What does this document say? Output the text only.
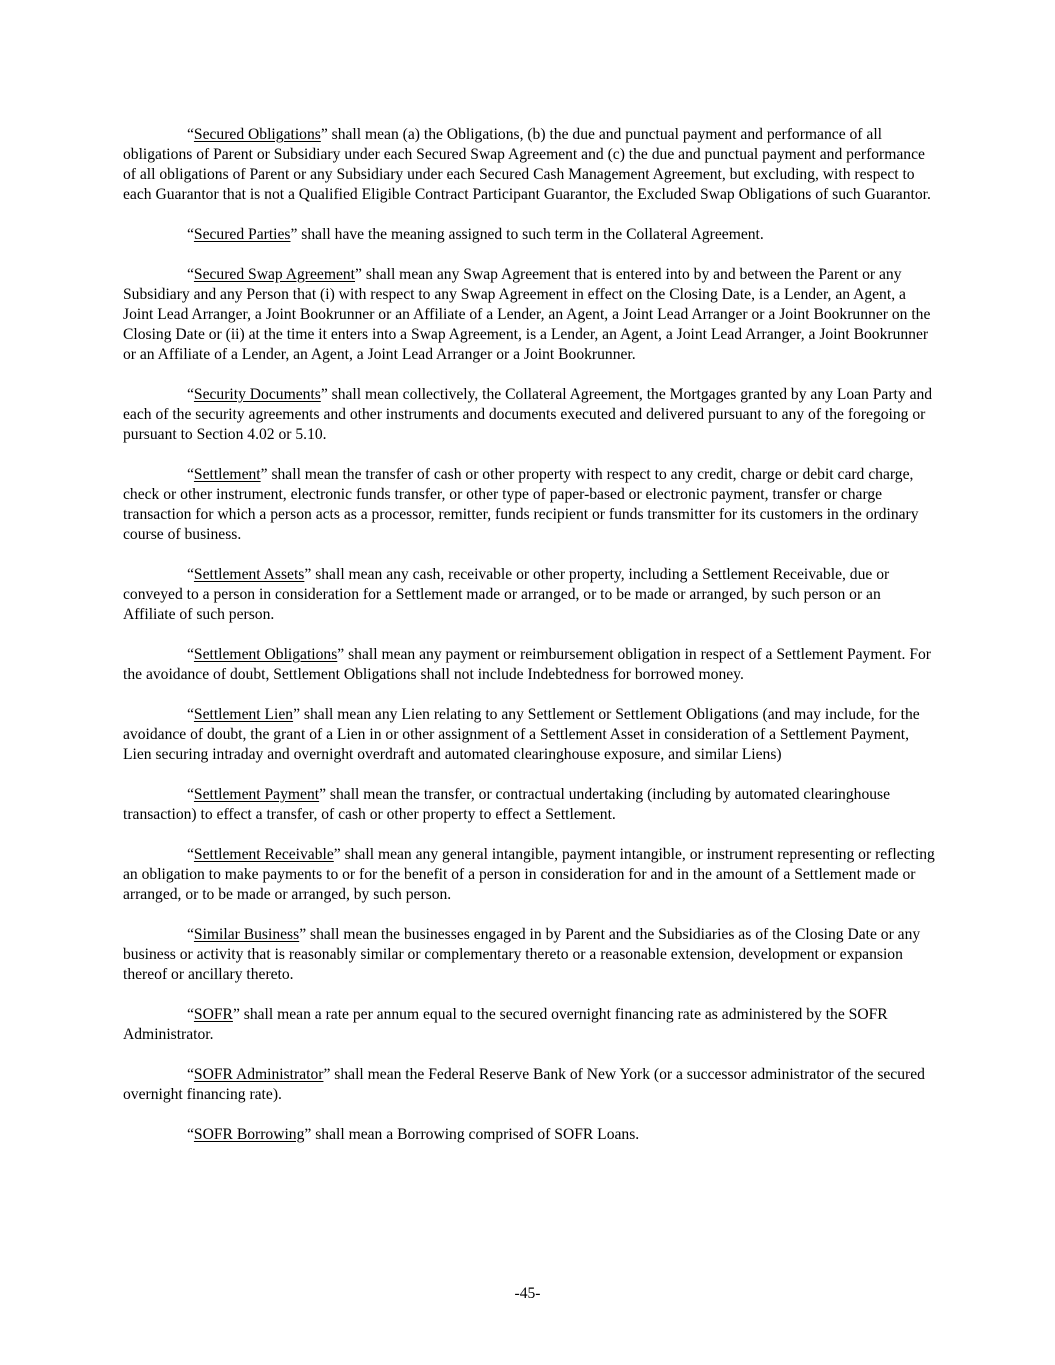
“Secured Obligations” shall mean (a) the Obligations, (b) the due and punctual payment and performance of all obligations of Parent or Subsidiary under each Secured Swap Agreement and (c) the due and punctual payment and performance of all obligations of Parent or any Subsidiary under each Secured Cash Management Agreement, but excluding, with respect to each Guarantor that is not a Qualified Eligible Contract Participant Guarantor, the Excluded Swap Obligations of such Guarantor.

“Secured Parties” shall have the meaning assigned to such term in the Collateral Agreement.

“Secured Swap Agreement” shall mean any Swap Agreement that is entered into by and between the Parent or any Subsidiary and any Person that (i) with respect to any Swap Agreement in effect on the Closing Date, is a Lender, an Agent, a Joint Lead Arranger, a Joint Bookrunner or an Affiliate of a Lender, an Agent, a Joint Lead Arranger or a Joint Bookrunner on the Closing Date or (ii) at the time it enters into a Swap Agreement, is a Lender, an Agent, a Joint Lead Arranger, a Joint Bookrunner or an Affiliate of a Lender, an Agent, a Joint Lead Arranger or a Joint Bookrunner.

“Security Documents” shall mean collectively, the Collateral Agreement, the Mortgages granted by any Loan Party and each of the security agreements and other instruments and documents executed and delivered pursuant to any of the foregoing or pursuant to Section 4.02 or 5.10.

“Settlement” shall mean the transfer of cash or other property with respect to any credit, charge or debit card charge, check or other instrument, electronic funds transfer, or other type of paper-based or electronic payment, transfer or charge transaction for which a person acts as a processor, remitter, funds recipient or funds transmitter for its customers in the ordinary course of business.

“Settlement Assets” shall mean any cash, receivable or other property, including a Settlement Receivable, due or conveyed to a person in consideration for a Settlement made or arranged, or to be made or arranged, by such person or an Affiliate of such person.

“Settlement Obligations” shall mean any payment or reimbursement obligation in respect of a Settlement Payment. For the avoidance of doubt, Settlement Obligations shall not include Indebtedness for borrowed money.

“Settlement Lien” shall mean any Lien relating to any Settlement or Settlement Obligations (and may include, for the avoidance of doubt, the grant of a Lien in or other assignment of a Settlement Asset in consideration of a Settlement Payment, Lien securing intraday and overnight overdraft and automated clearinghouse exposure, and similar Liens)

“Settlement Payment” shall mean the transfer, or contractual undertaking (including by automated clearinghouse transaction) to effect a transfer, of cash or other property to effect a Settlement.

“Settlement Receivable” shall mean any general intangible, payment intangible, or instrument representing or reflecting an obligation to make payments to or for the benefit of a person in consideration for and in the amount of a Settlement made or arranged, or to be made or arranged, by such person.

“Similar Business” shall mean the businesses engaged in by Parent and the Subsidiaries as of the Closing Date or any business or activity that is reasonably similar or complementary thereto or a reasonable extension, development or expansion thereof or ancillary thereto.

“SOFR” shall mean a rate per annum equal to the secured overnight financing rate as administered by the SOFR Administrator.

“SOFR Administrator” shall mean the Federal Reserve Bank of New York (or a successor administrator of the secured overnight financing rate).

“SOFR Borrowing” shall mean a Borrowing comprised of SOFR Loans.

-45-
